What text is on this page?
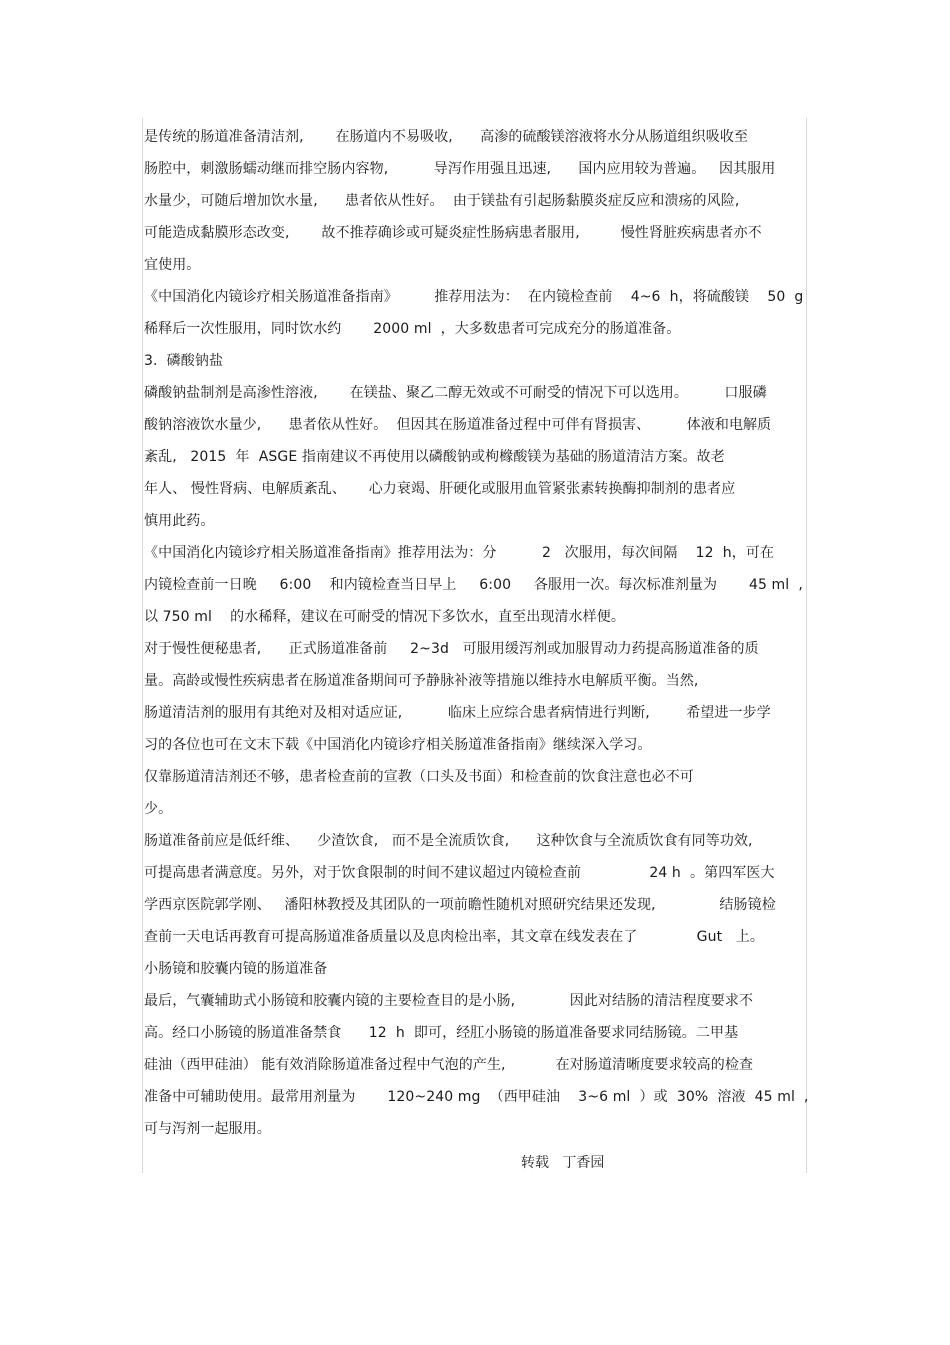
是传统的肠道准备清洁剂,       在肠道内不易吸收,      高渗的硫酸镁溶液将水分从肠道组织吸收至
肠腔中，刺激肠蠕动继而排空肠内容物,          导泻作用强且迅速,      国内应用较为普遍。   因其服用
水量少，可随后增加饮水量,      患者依从性好。  由于镁盐有引起肠黏膜炎症反应和溃疡的风险,
可能造成黏膜形态改变,       故不推荐确诊或可疑炎症性肠病患者服用,         慢性肾脏疾病患者亦不
宜使用。
《中国消化内镜诊疗相关肠道准备指南》        推荐用法为：  在内镜检查前    4~6  h，将硫酸镁    50  g
稀释后一次性服用，同时饮水约       2000 ml  ，大多数患者可完成充分的肠道准备。
3.  磷酸钠盐
磷酸钠盐制剂是高渗性溶液,       在镁盐、聚乙二醇无效或不可耐受的情况下可以选用。        口服磷
酸钠溶液饮水量少,      患者依从性好。  但因其在肠道准备过程中可伴有肾损害、        体液和电解质
紊乱,   2015  年  ASGE 指南建议不再使用以磷酸钠或枸橼酸镁为基础的肠道清洁方案。故老
年人、 慢性肾病、电解质紊乱、     心力衰竭、肝硬化或服用血管紧张素转换酶抑制剂的患者应
慎用此药。
《中国消化内镜诊疗相关肠道准备指南》推荐用法为：分          2   次服用，每次间隔    12  h，可在
内镜检查前一日晚     6:00    和内镜检查当日早上     6:00     各服用一次。每次标准剂量为       45 ml  ,
以 750 ml    的水稀释，建议在可耐受的情况下多饮水，直至出现清水样便。
对于慢性便秘患者,      正式肠道准备前     2~3d   可服用缓泻剂或加服胃动力药提高肠道准备的质
量。高龄或慢性疾病患者在肠道准备期间可予静脉补液等措施以维持水电解质平衡。当然,
肠道清洁剂的服用有其绝对及相对适应证,          临床上应综合患者病情进行判断,        希望进一步学
习的各位也可在文末下载《中国消化内镜诊疗相关肠道准备指南》继续深入学习。
仅靠肠道清洁剂还不够，患者检查前的宣教（口头及书面）和检查前的饮食注意也必不可
少。
肠道准备前应是低纤维、    少渣饮食,   而不是全流质饮食,      这种饮食与全流质饮食有同等功效,
可提高患者满意度。另外，对于饮食限制的时间不建议超过内镜检查前               24 h  。第四军医大
学西京医院郭学刚、   潘阳林教授及其团队的一项前瞻性随机对照研究结果还发现,              结肠镜检
查前一天电话再教育可提高肠道准备质量以及息肉检出率，其文章在线发表在了             Gut   上。
小肠镜和胶囊内镜的肠道准备
最后，气囊辅助式小肠镜和胶囊内镜的主要检查目的是小肠,            因此对结肠的清洁程度要求不
高。经口小肠镜的肠道准备禁食      12  h  即可，经肛小肠镜的肠道准备要求同结肠镜。二甲基
硅油（西甲硅油） 能有效消除肠道准备过程中气泡的产生,           在对肠道清晰度要求较高的检查
准备中可辅助使用。最常用剂量为       120~240 mg  （西甲硅油    3~6 ml  ）或  30%  溶液  45 ml  ,
可与泻剂一起服用。
转载   丁香园
